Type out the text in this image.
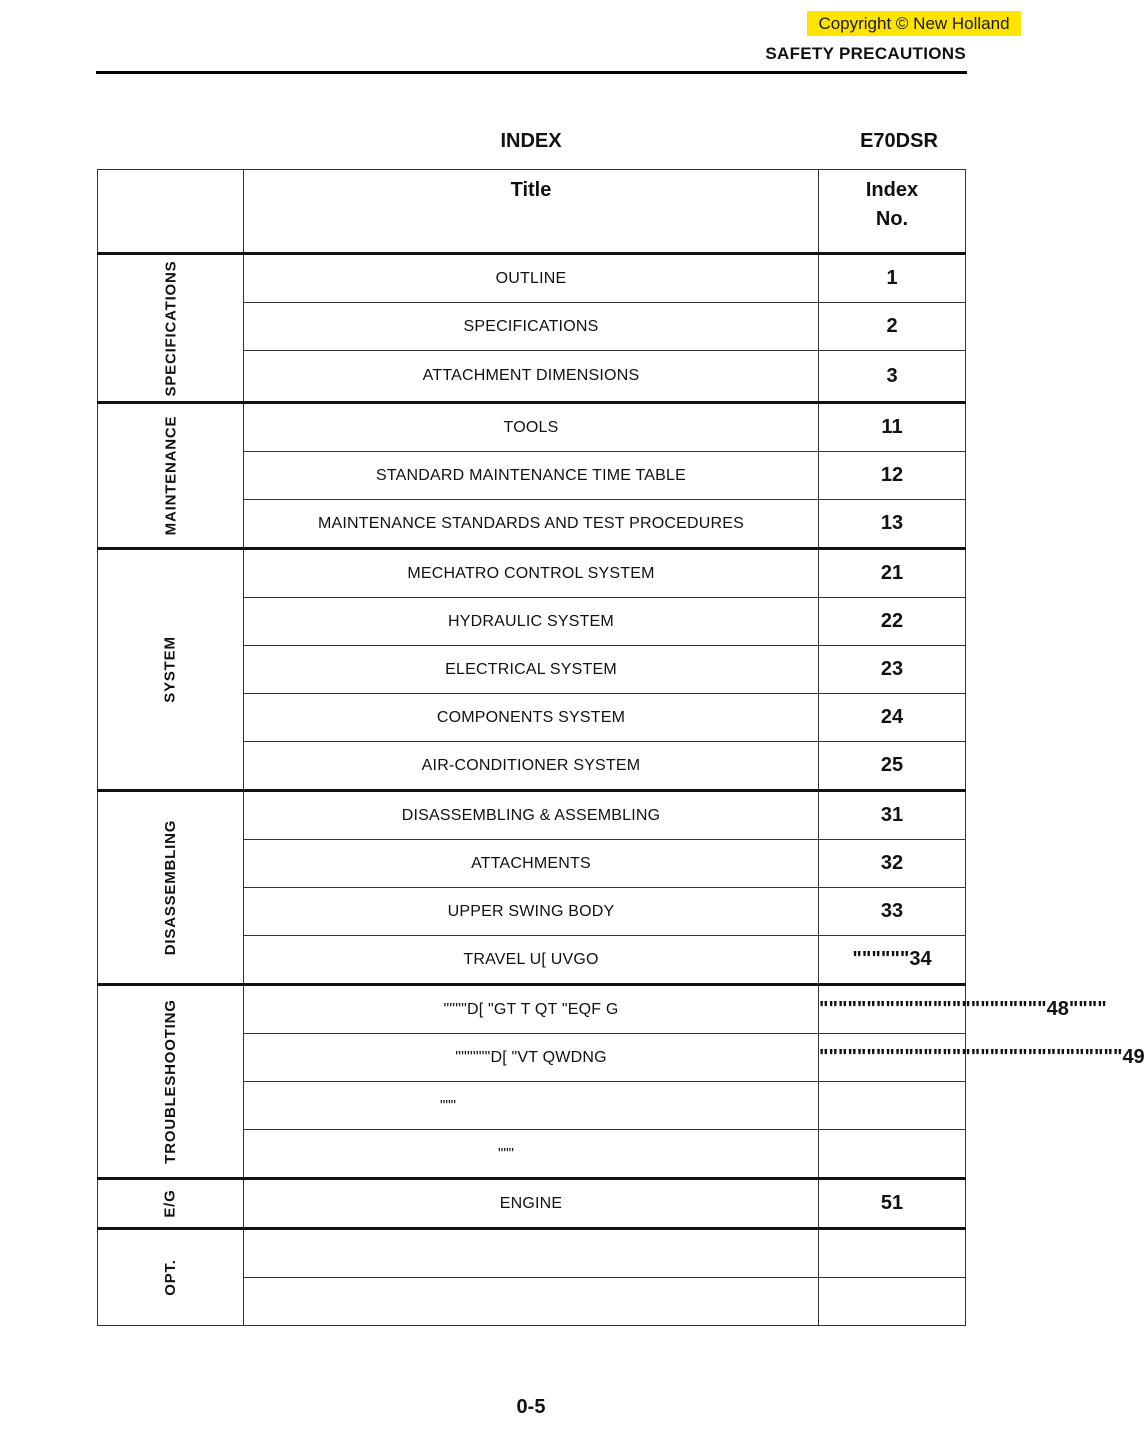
Copyright © New Holland
SAFETY PRECAUTIONS
INDEX	E70DSR
	Title	Index
No.

SPECIFICATIONS	OUTLINE	1
	SPECIFICATIONS	2
	ATTACHMENT DIMENSIONS	3

MAINTENANCE	TOOLS	11
	STANDARD MAINTENANCE TIME TABLE	12
	MAINTENANCE STANDARDS AND TEST PROCEDURES	13

SYSTEM	MECHATRO CONTROL SYSTEM	21
	HYDRAULIC SYSTEM	22
	ELECTRICAL SYSTEM	23
	COMPONENTS SYSTEM	24
	AIR-CONDITIONER SYSTEM	25

DISASSEMBLING	DISASSEMBLING & ASSEMBLING	31
	ATTACHMENTS	32
	UPPER SWING BODY	33
	TRAVEL U[ UVGO	""""""34

TROUBLESHOOTING	""""D[ "GT T QT "EQF G	""""""""""""""""""""""""48""""
	""""""D[ "VT QWDNG	""""""""""""""""""""""""""""""""49

	"""	

	"""	

E/G	ENGINE	51

OPT.		

0-5
